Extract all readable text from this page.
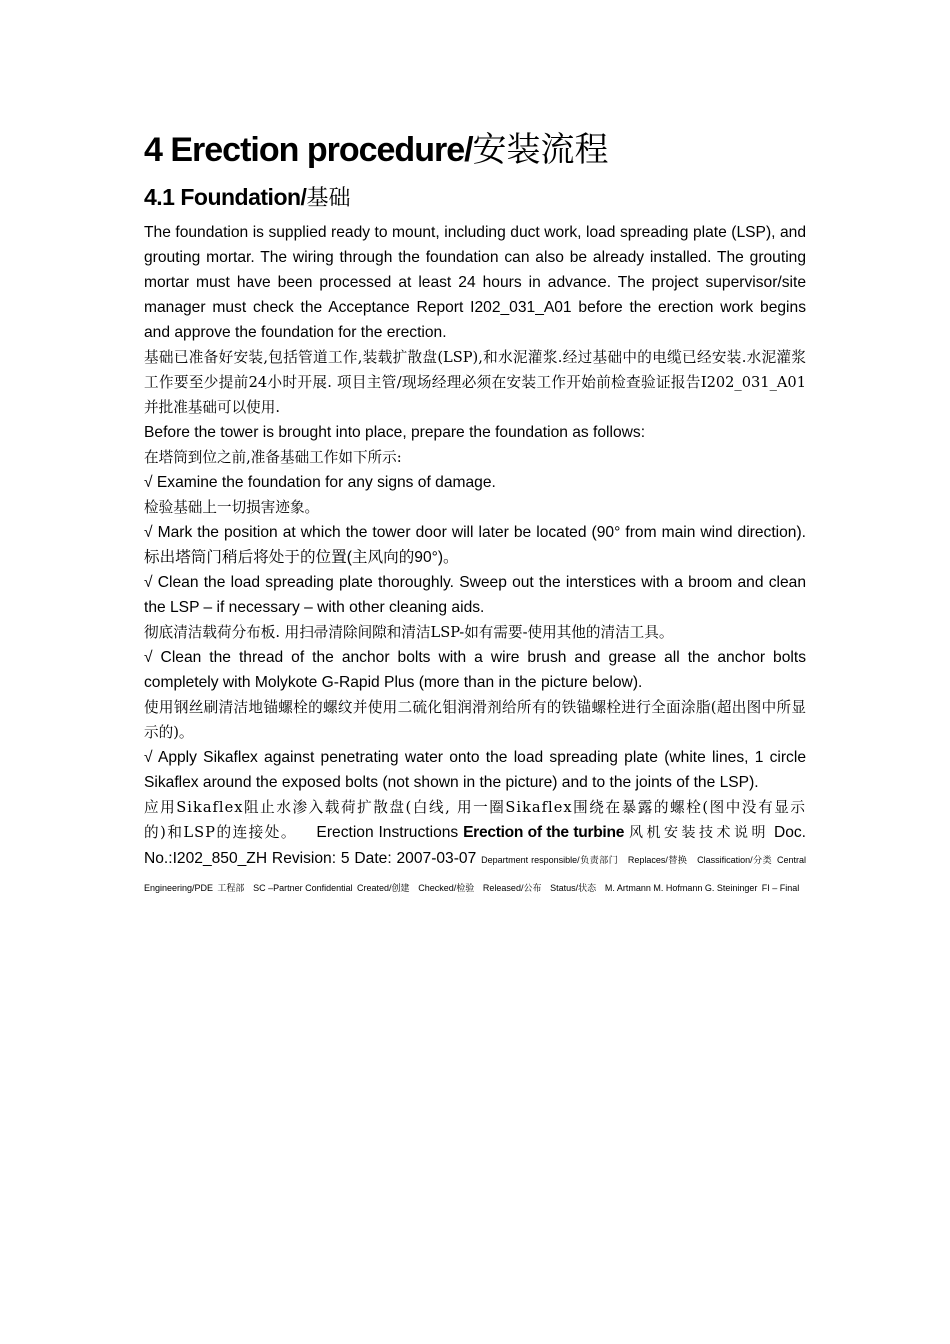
4 Erection procedure/安装流程
4.1 Foundation/基础

The foundation is supplied ready to mount, including duct work, load spreading plate (LSP), and grouting mortar. The wiring through the foundation can also be already installed. The grouting mortar must have been processed at least 24 hours in advance. The project supervisor/site manager must check the Acceptance Report I202_031_A01 before the erection work begins and approve the foundation for the erection.

基础已准备好安装,包括管道工作,装载扩散盘(LSP),和水泥灌浆.经过基础中的电缆已经安装.水泥灌浆工作要至少提前24小时开展. 项目主管/现场经理必须在安装工作开始前检查验证报告I202_031_A01并批准基础可以使用.

Before the tower is brought into place, prepare the foundation as follows:

在塔筒到位之前,准备基础工作如下所示:

√ Examine the foundation for any signs of damage.

检验基础上一切损害迹象。

√ Mark the position at which the tower door will later be located (90° from main wind direction). 标出塔筒门稍后将处于的位置(主风向的90°)。

√ Clean the load spreading plate thoroughly. Sweep out the interstices with a broom and clean the LSP – if necessary – with other cleaning aids.

彻底清洁载荷分布板. 用扫帚清除间隙和清洁LSP-如有需要-使用其他的清洁工具。

√ Clean the thread of the anchor bolts with a wire brush and grease all the anchor bolts completely with Molykote G-Rapid Plus (more than in the picture below).

使用钢丝刷清洁地锚螺栓的螺纹并使用二硫化钼润滑剂给所有的铁锚螺栓进行全面涂脂(超出图中所显示的)。

√ Apply Sikaflex against penetrating water onto the load spreading plate (white lines, 1 circle Sikaflex around the exposed bolts (not shown in the picture) and to the joints of the LSP).

应用Sikaflex阻止水渗入载荷扩散盘(白线, 用一圈Sikaflex围绕在暴露的螺栓(图中没有显示的)和LSP的连接处。 Erection Instructions Erection of the turbine 风机安装技术说明 Doc. No.:I202_850_ZH Revision: 5 Date: 2007-03-07 Department responsible/负责部门 Replaces/替换 Classification/分类 Central Engineering/PDE 工程部 SC –Partner Confidential Created/创建 Checked/检验 Released/公布 Status/状态 M. Artmann M. Hofmann G. Steininger FI – Final
